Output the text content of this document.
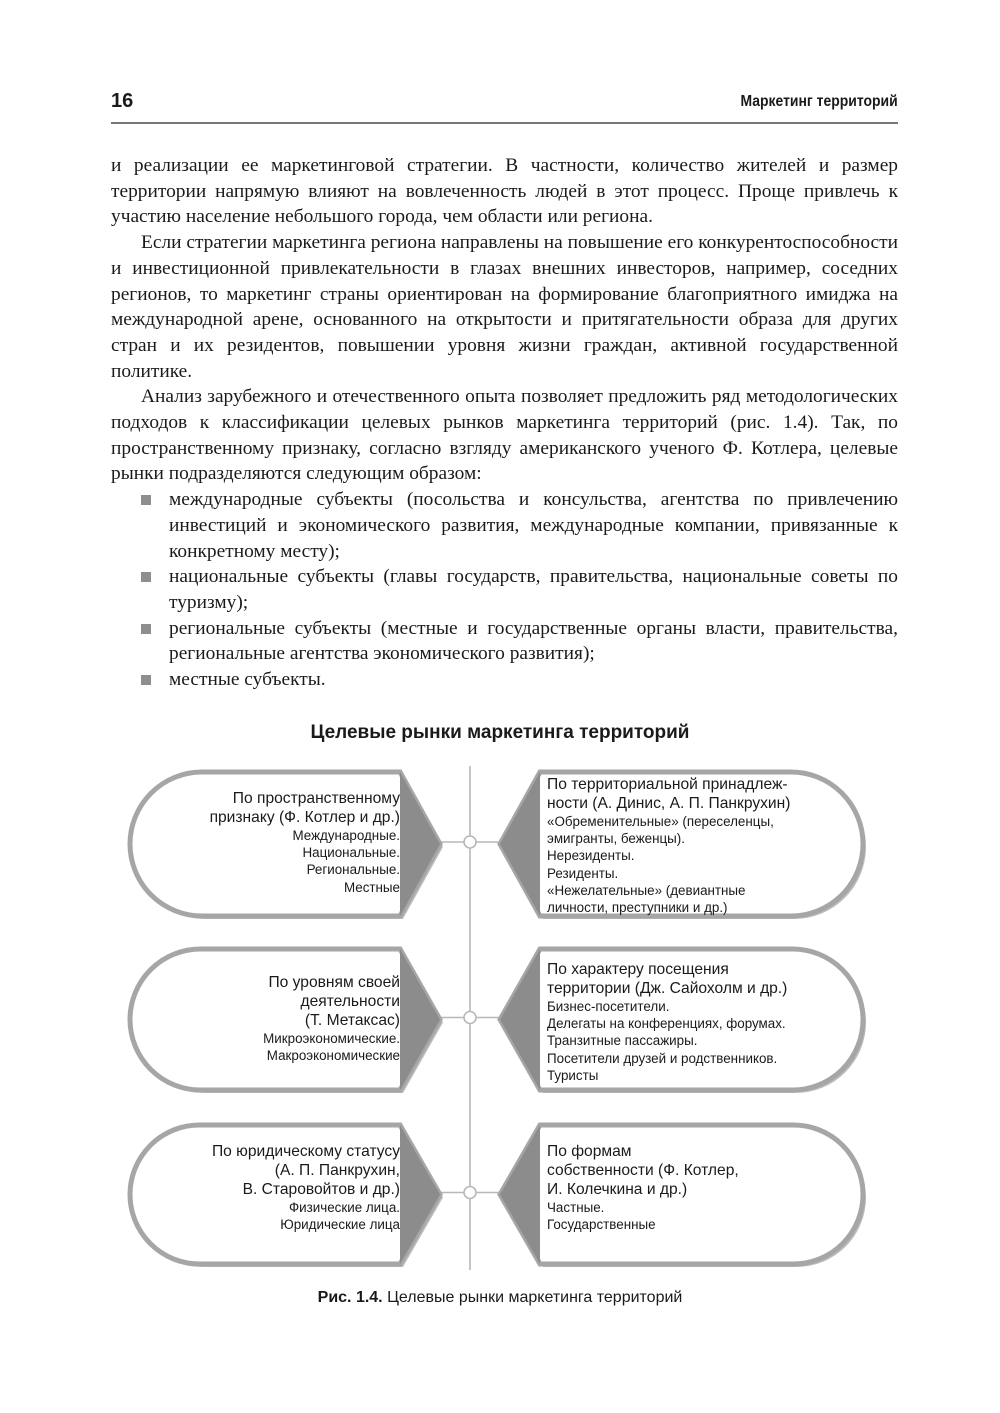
16	Маркетинг территорий

и реализации ее маркетинговой стратегии. В частности, количество жителей и размер территории напрямую влияют на вовлеченность людей в этот процесс. Проще привлечь к участию население небольшого города, чем области или региона.

Если стратегии маркетинга региона направлены на повышение его конкурентоспособности и инвестиционной привлекательности в глазах внешних инвесторов, например, соседних регионов, то маркетинг страны ориентирован на формирование благоприятного имиджа на международной арене, основанного на открытости и притягательности образа для других стран и их резидентов, повышении уровня жизни граждан, активной государственной политике.

Анализ зарубежного и отечественного опыта позволяет предложить ряд методологических подходов к классификации целевых рынков маркетинга территорий (рис. 1.4). Так, по пространственному признаку, согласно взгляду американского ученого Ф. Котлера, целевые рынки подразделяются следующим образом:

международные субъекты (посольства и консульства, агентства по привлечению инвестиций и экономического развития, международные компании, привязанные к конкретному месту);
национальные субъекты (главы государств, правительства, национальные советы по туризму);
региональные субъекты (местные и государственные органы власти, правительства, региональные агентства экономического развития);
местные субъекты.
Целевые рынки маркетинга территорий
По пространственному
признаку (Ф. Котлер и др.)
Международные.
Национальные.
Региональные.
Местные
По уровням своей
деятельности
(Т. Метаксас)
Микроэкономические.
Макроэкономические
По юридическому статусу
(А. П. Панкрухин,
В. Старовойтов и др.)
Физические лица.
Юридические лица
По территориальной принадлеж-
ности (А. Динис, А. П. Панкрухин)
«Обременительные» (переселенцы,
эмигранты, беженцы).
Нерезиденты.
Резиденты.
«Нежелательные» (девиантные
личности, преступники и др.)
По характеру посещения
территории (Дж. Сайохолм и др.)
Бизнес-посетители.
Делегаты на конференциях, форумах.
Транзитные пассажиры.
Посетители друзей и родственников.
Туристы
По формам
собственности (Ф. Котлер,
И. Колечкина и др.)
Частные.
Государственные
Рис. 1.4. Целевые рынки маркетинга территорий
